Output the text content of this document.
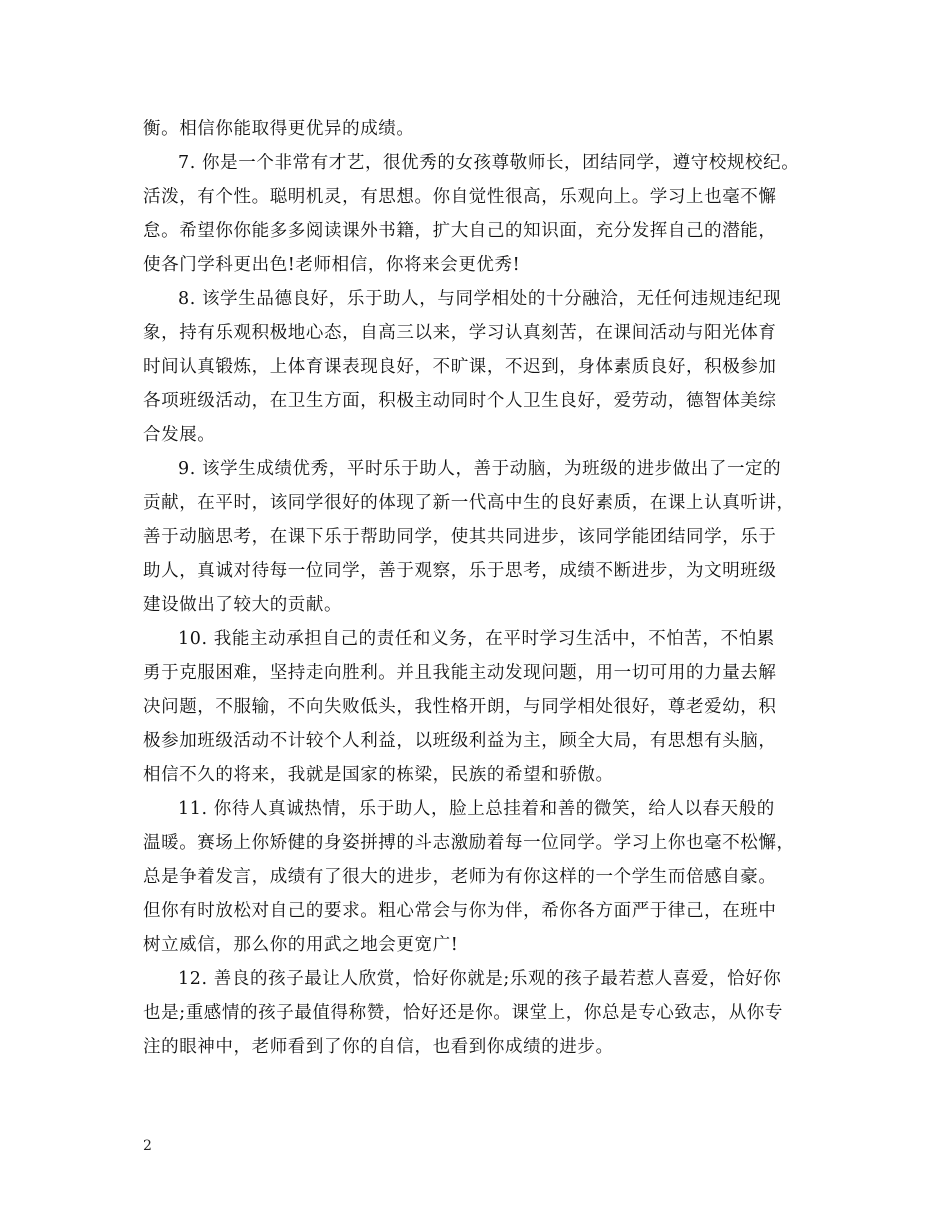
衡。相信你能取得更优异的成绩。
7. 你是一个非常有才艺，很优秀的女孩尊敬师长，团结同学，遵守校规校纪。
活泼，有个性。聪明机灵，有思想。你自觉性很高，乐观向上。学习上也毫不懈
怠。希望你你能多多阅读课外书籍，扩大自己的知识面，充分发挥自己的潜能，
使各门学科更出色!老师相信，你将来会更优秀!
8. 该学生品德良好，乐于助人，与同学相处的十分融洽，无任何违规违纪现
象，持有乐观积极地心态，自高三以来，学习认真刻苦，在课间活动与阳光体育
时间认真锻炼，上体育课表现良好，不旷课，不迟到，身体素质良好，积极参加
各项班级活动，在卫生方面，积极主动同时个人卫生良好，爱劳动，德智体美综
合发展。
9. 该学生成绩优秀，平时乐于助人，善于动脑，为班级的进步做出了一定的
贡献，在平时，该同学很好的体现了新一代高中生的良好素质，在课上认真听讲，
善于动脑思考，在课下乐于帮助同学，使其共同进步，该同学能团结同学，乐于
助人，真诚对待每一位同学，善于观察，乐于思考，成绩不断进步，为文明班级
建设做出了较大的贡献。
10. 我能主动承担自己的责任和义务，在平时学习生活中，不怕苦，不怕累
勇于克服困难，坚持走向胜利。并且我能主动发现问题，用一切可用的力量去解
决问题，不服输，不向失败低头，我性格开朗，与同学相处很好，尊老爱幼，积
极参加班级活动不计较个人利益，以班级利益为主，顾全大局，有思想有头脑，
相信不久的将来，我就是国家的栋梁，民族的希望和骄傲。
11. 你待人真诚热情，乐于助人，脸上总挂着和善的微笑，给人以春天般的
温暖。赛场上你矫健的身姿拼搏的斗志激励着每一位同学。学习上你也毫不松懈，
总是争着发言，成绩有了很大的进步，老师为有你这样的一个学生而倍感自豪。
但你有时放松对自己的要求。粗心常会与你为伴，希你各方面严于律己，在班中
树立威信，那么你的用武之地会更宽广!
12. 善良的孩子最让人欣赏，恰好你就是;乐观的孩子最若惹人喜爱，恰好你
也是;重感情的孩子最值得称赞，恰好还是你。课堂上，你总是专心致志，从你专
注的眼神中，老师看到了你的自信，也看到你成绩的进步。
2
